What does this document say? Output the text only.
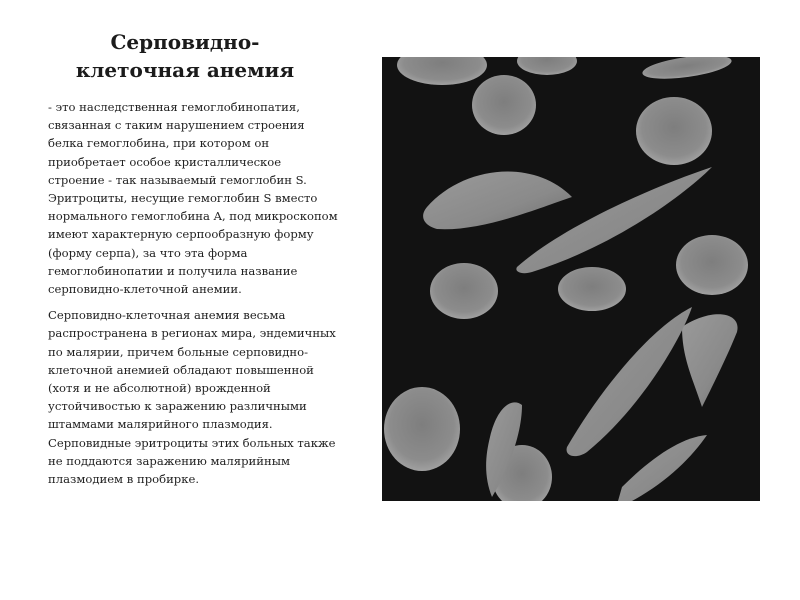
Серповидно-
клеточная анемия

- это наследственная гемоглобинопатия, связанная с таким нарушением строения белка гемоглобина, при котором он приобретает особое кристаллическое строение - так называемый гемоглобин S. Эритроциты, несущие гемоглобин S вместо нормального гемоглобина A, под микроскопом имеют характерную серпообразную форму (форму серпа), за что эта форма гемоглобинопатии и получила название серповидно-клеточной анемии.

Серповидно-клеточная анемия весьма распространена в регионах мира, эндемичных по малярии, причем больные серповидно-клеточной анемией обладают повышенной (хотя и не абсолютной) врожденной устойчивостью к заражению различными штаммами малярийного плазмодия. Серповидные эритроциты этих больных также не поддаются заражению малярийным плазмодием в пробирке.
